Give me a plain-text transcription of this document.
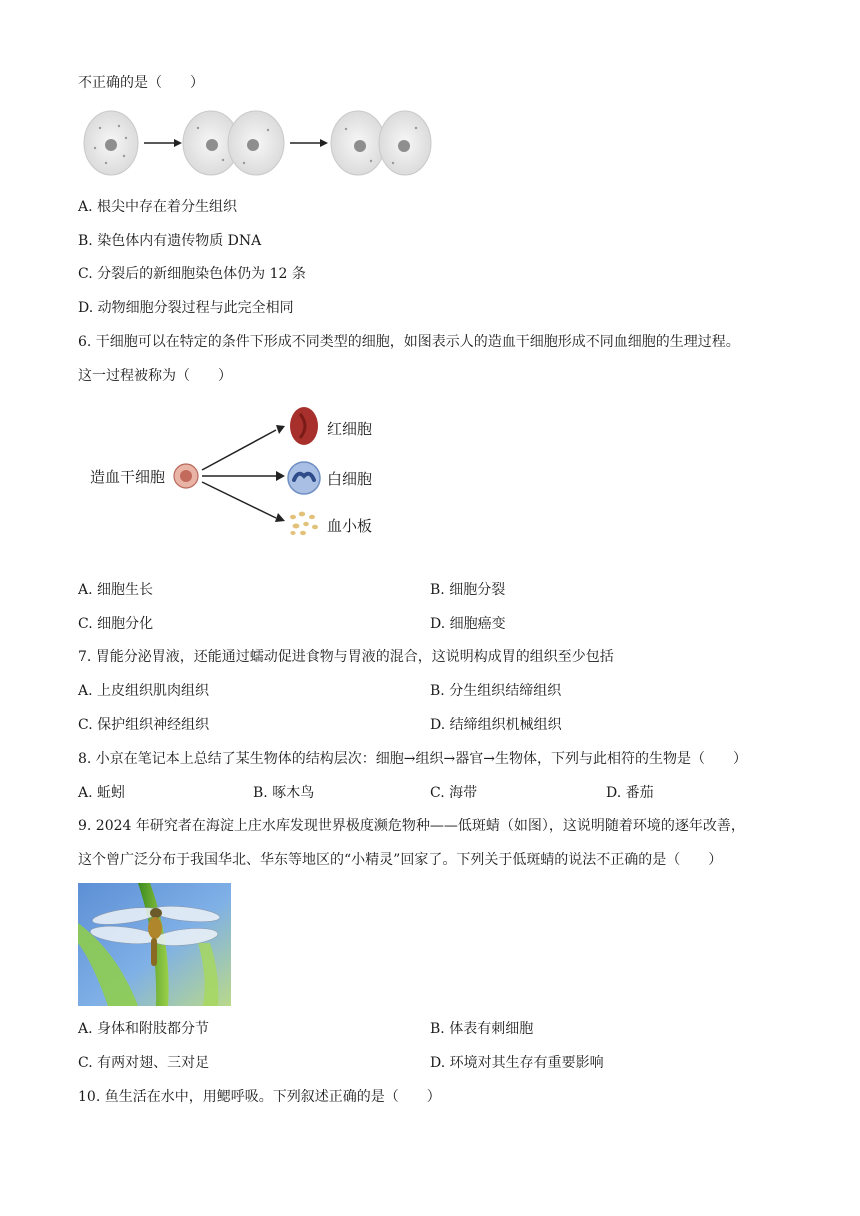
不正确的是（　　）
A. 根尖中存在着分生组织
B. 染色体内有遗传物质 DNA
C. 分裂后的新细胞染色体仍为 12 条
D. 动物细胞分裂过程与此完全相同
6. 干细胞可以在特定的条件下形成不同类型的细胞，如图表示人的造血干细胞形成不同血细胞的生理过程。
这一过程被称为（　　）
造血干细胞
红细胞
白细胞
血小板
A. 细胞生长	B. 细胞分裂
C. 细胞分化	D. 细胞癌变
7. 胃能分泌胃液，还能通过蠕动促进食物与胃液的混合，这说明构成胃的组织至少包括
A. 上皮组织肌肉组织	B. 分生组织结缔组织
C. 保护组织神经组织	D. 结缔组织机械组织
8. 小京在笔记本上总结了某生物体的结构层次：细胞→组织→器官→生物体，下列与此相符的生物是（　　）
A. 蚯蚓	B. 啄木鸟	C. 海带	D. 番茄
9. 2024 年研究者在海淀上庄水库发现世界极度濒危物种——低斑蜻（如图），这说明随着环境的逐年改善，
这个曾广泛分布于我国华北、华东等地区的“小精灵”回家了。下列关于低斑蜻的说法不正确的是（　　）
A. 身体和附肢都分节	B. 体表有刺细胞
C. 有两对翅、三对足	D. 环境对其生存有重要影响
10. 鱼生活在水中，用鳃呼吸。下列叙述正确的是（　　）
